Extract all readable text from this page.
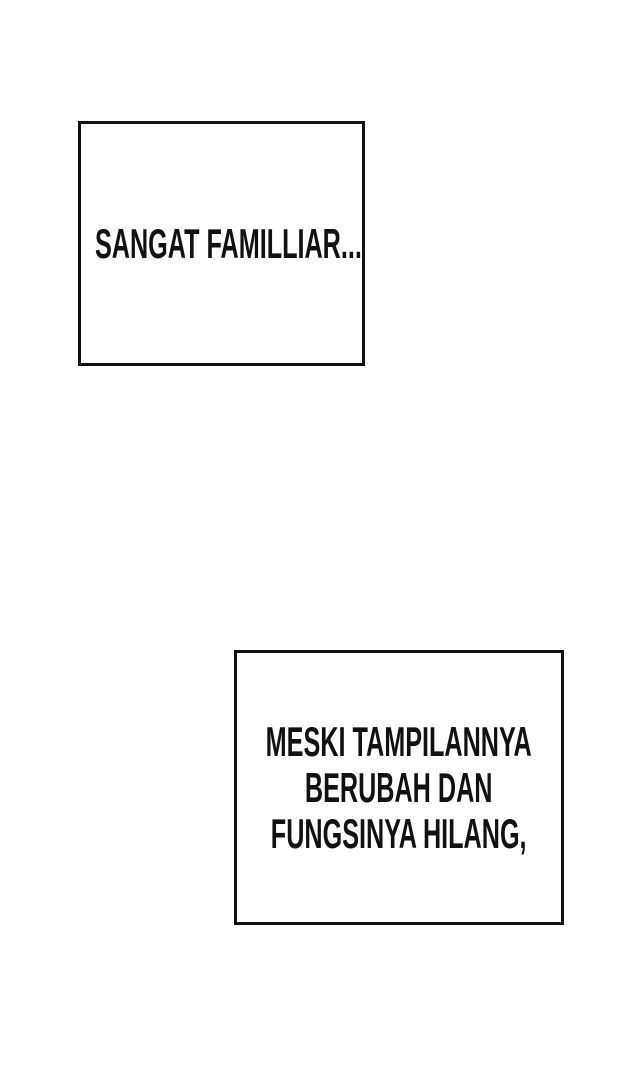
SANGAT FAMILLIAR...
MESKI TAMPILANNYA
BERUBAH DAN
FUNGSINYA HILANG,
